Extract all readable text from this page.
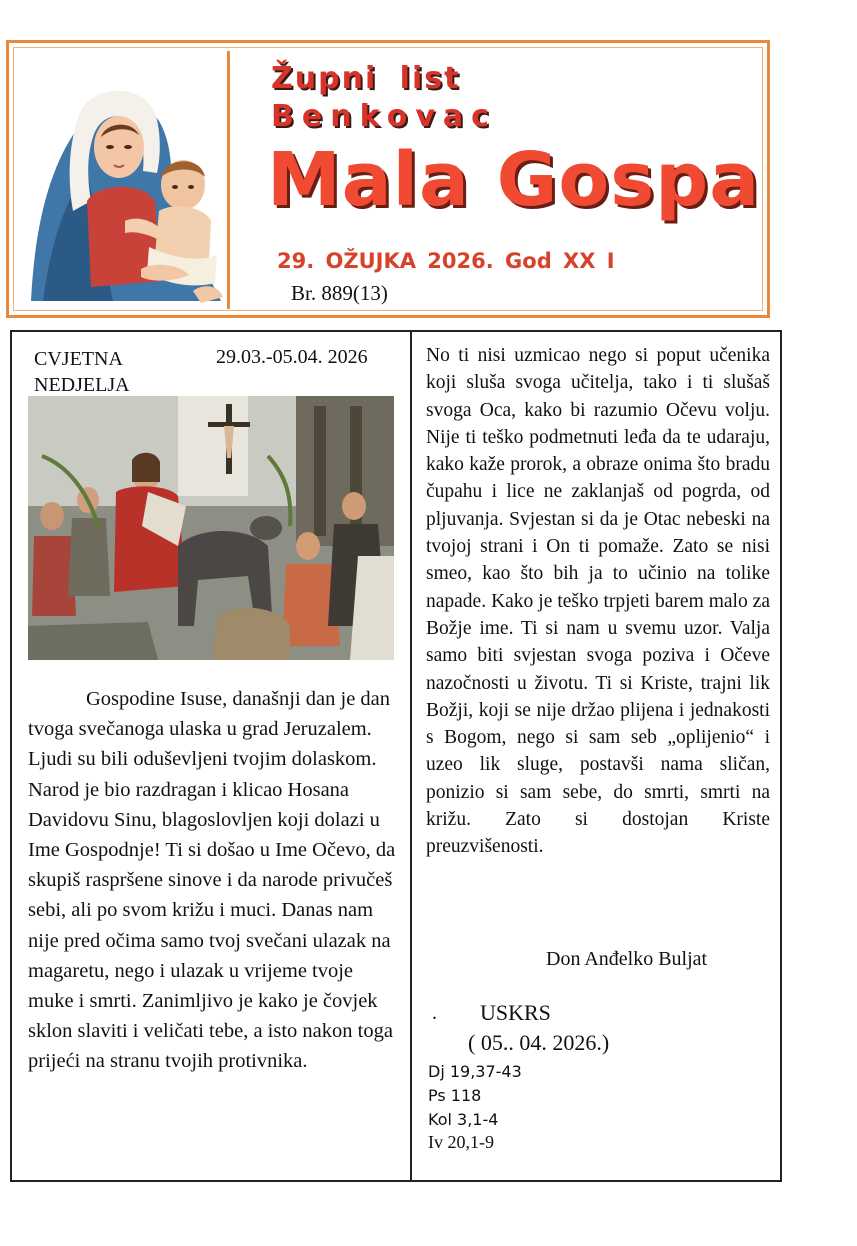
Župni list
Benkovac
Mala Gospa
29. OŽUJKA 2026. God XX I
Br. 889(13)
CVJETNA NEDJELJA
29.03.-05.04. 2026

Gospodine Isuse, današnji dan je dan tvoga svečanoga ulaska u grad Jeruzalem. Ljudi su bili oduševljeni tvojim dolaskom. Narod je bio razdragan i klicao Hosana Davidovu Sinu, blagoslovljen koji dolazi u Ime Gospodnje! Ti si došao u Ime Očevo, da skupiš raspršene sinove i da narode privučeš sebi, ali po svom križu i muci. Danas nam nije pred očima samo tvoj svečani ulazak na magaretu, nego i ulazak u vrijeme tvoje muke i smrti. Zanimljivo je kako je čovjek sklon slaviti i veličati tebe, a isto nakon toga prijeći na stranu tvojih protivnika.

No ti nisi uzmicao nego si poput učenika koji sluša svoga učitelja, tako i ti slušaš svoga Oca, kako bi razumio Očevu volju. Nije ti teško podmetnuti leđa da te udaraju, kako kaže prorok, a obraze onima što bradu čupahu i lice ne zaklanjaš od pogrda, od pljuvanja. Svjestan si da je Otac nebeski na tvojoj strani i On ti pomaže. Zato se nisi smeo, kao što bih ja to učinio na tolike napade. Kako je teško trpjeti barem malo za Božje ime. Ti si nam u svemu uzor. Valja samo biti svjestan svoga poziva i Očeve nazočnosti u životu. Ti si Kriste, trajni lik Božji, koji se nije držao plijena i jednakosti s Bogom, nego si sam seb „oplijenio“ i uzeo lik sluge, postavši nama sličan, ponizio si sam sebe, do smrti, smrti na križu. Zato si dostojan Kriste preuzvišenosti.

Don Anđelko Buljat
. USKRS
( 05.. 04. 2026.)
Dj 19,37-43
Ps 118
Kol 3,1-4
Iv 20,1-9
